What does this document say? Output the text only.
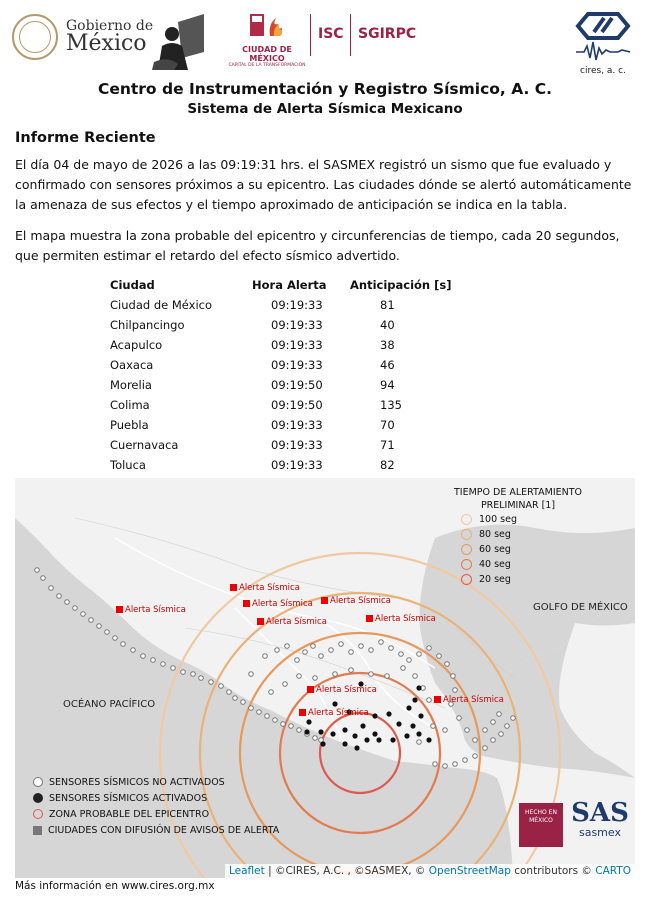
Gobierno de
México	CIUDAD DE MÉXICO
CAPITAL DE LA TRANSFORMACIÓN
ISC SGIRPC
cires, a. c.
Centro de Instrumentación y Registro Sísmico, A. C.
Sistema de Alerta Sísmica Mexicano
Informe Reciente
El día 04 de mayo de 2026 a las 09:19:31 hrs. el SASMEX registró un sismo que fue evaluado y confirmado con sensores próximos a su epicentro. Las ciudades dónde se alertó automáticamente la amenaza de sus efectos y el tiempo aproximado de anticipación se indica en la tabla.
El mapa muestra la zona probable del epicentro y circunferencias de tiempo, cada 20 segundos, que permiten estimar el retardo del efecto sísmico advertido.
Ciudad	Hora Alerta	Anticipación [s]
Ciudad de México	09:19:33	81
Chilpancingo	09:19:33	40
Acapulco	09:19:33	38
Oaxaca	09:19:33	46
Morelia	09:19:50	94
Colima	09:19:50	135
Puebla	09:19:33	70
Cuernavaca	09:19:33	71
Toluca	09:19:33	82
TIEMPO DE ALERTAMIENTO PRELIMINAR [1]
100 seg
80 seg
60 seg
40 seg
20 seg
GOLFO DE MÉXICO
OCÉANO PACÍFICO
Alerta Sísmica
Alerta Sísmica
Alerta Sísmica	Alerta Sísmica
Alerta Sísmica	Alerta Sísmica
Alerta Sísmica
Alerta Sísmica
Alerta Sísmica
SENSORES SÍSMICOS NO ACTIVADOS
SENSORES SÍSMICOS ACTIVADOS
ZONA PROBABLE DEL EPICENTRO
CIUDADES CON DIFUSIÓN DE AVISOS DE ALERTA
HECHO EN MÉXICO SAS
sasmex
Leaflet | ©CIRES, A.C. , ©SASMEX, © OpenStreetMap contributors © CARTO
Más información en www.cires.org.mx
